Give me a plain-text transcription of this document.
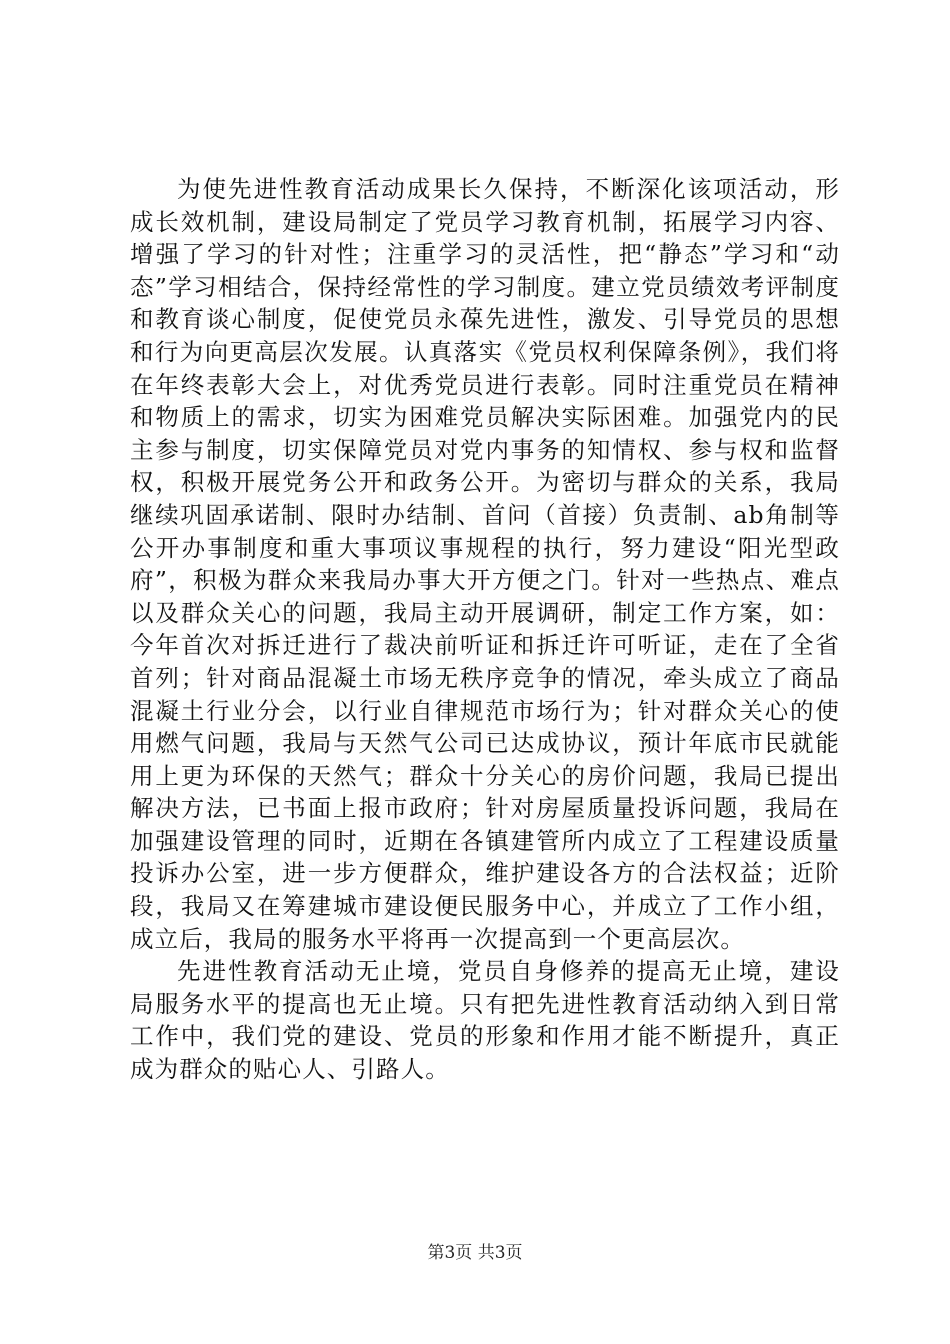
为使先进性教育活动成果长久保持，不断深化该项活动，形成长效机制，建设局制定了党员学习教育机制，拓展学习内容、增强了学习的针对性；注重学习的灵活性，把“静态”学习和“动态”学习相结合，保持经常性的学习制度。建立党员绩效考评制度和教育谈心制度，促使党员永葆先进性，激发、引导党员的思想和行为向更高层次发展。认真落实《党员权利保障条例》，我们将在年终表彰大会上，对优秀党员进行表彰。同时注重党员在精神和物质上的需求，切实为困难党员解决实际困难。加强党内的民主参与制度，切实保障党员对党内事务的知情权、参与权和监督权，积极开展党务公开和政务公开。为密切与群众的关系，我局继续巩固承诺制、限时办结制、首问（首接）负责制、ab角制等公开办事制度和重大事项议事规程的执行，努力建设“阳光型政府”，积极为群众来我局办事大开方便之门。针对一些热点、难点以及群众关心的问题，我局主动开展调研，制定工作方案，如：今年首次对拆迁进行了裁决前听证和拆迁许可听证，走在了全省首列；针对商品混凝土市场无秩序竞争的情况，牵头成立了商品混凝土行业分会，以行业自律规范市场行为；针对群众关心的使用燃气问题，我局与天然气公司已达成协议，预计年底市民就能用上更为环保的天然气；群众十分关心的房价问题，我局已提出解决方法，已书面上报市政府；针对房屋质量投诉问题，我局在加强建设管理的同时，近期在各镇建管所内成立了工程建设质量投诉办公室，进一步方便群众，维护建设各方的合法权益；近阶段，我局又在筹建城市建设便民服务中心，并成立了工作小组，成立后，我局的服务水平将再一次提高到一个更高层次。

先进性教育活动无止境，党员自身修养的提高无止境，建设局服务水平的提高也无止境。只有把先进性教育活动纳入到日常工作中，我们党的建设、党员的形象和作用才能不断提升，真正成为群众的贴心人、引路人。

第3页 共3页
